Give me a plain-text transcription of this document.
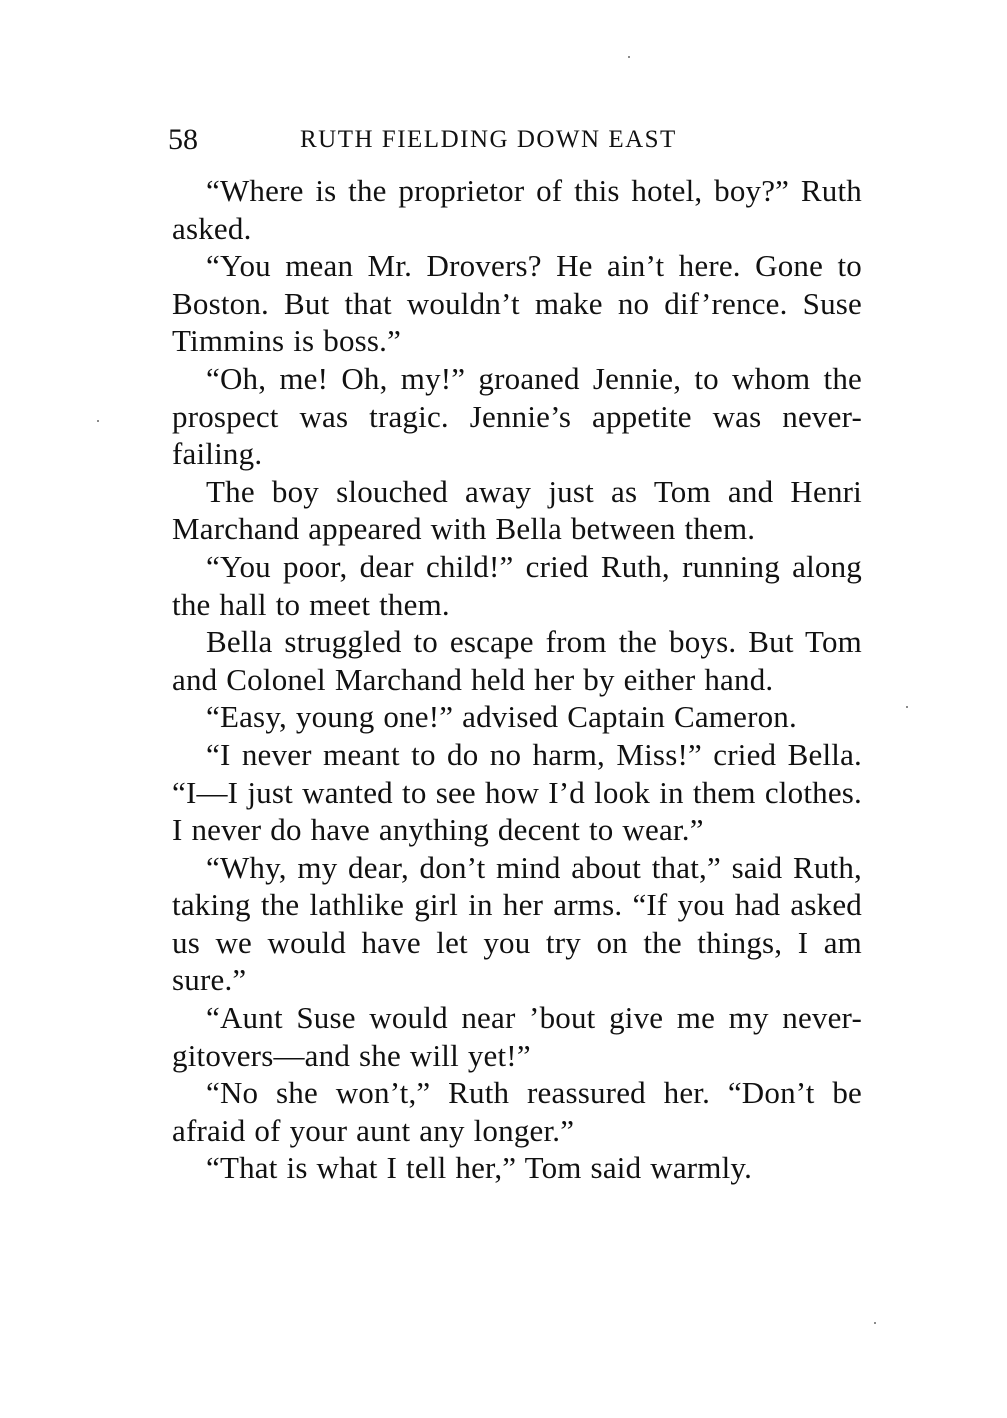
58	RUTH FIELDING DOWN EAST

“Where is the proprietor of this hotel, boy?” Ruth asked.

“You mean Mr. Drovers? He ain’t here. Gone to Boston. But that wouldn’t make no dif’rence. Suse Timmins is boss.”

“Oh, me! Oh, my!” groaned Jennie, to whom the prospect was tragic. Jennie’s appetite was never-failing.

The boy slouched away just as Tom and Henri Marchand appeared with Bella between them.

“You poor, dear child!” cried Ruth, running along the hall to meet them.

Bella struggled to escape from the boys. But Tom and Colonel Marchand held her by either hand.

“Easy, young one!” advised Captain Cameron.

“I never meant to do no harm, Miss!” cried Bella. “I—I just wanted to see how I’d look in them clothes. I never do have anything decent to wear.”

“Why, my dear, don’t mind about that,” said Ruth, taking the lathlike girl in her arms. “If you had asked us we would have let you try on the things, I am sure.”

“Aunt Suse would near ’bout give me my never-gitovers—and she will yet!”

“No she won’t,” Ruth reassured her. “Don’t be afraid of your aunt any longer.”

“That is what I tell her,” Tom said warmly.
